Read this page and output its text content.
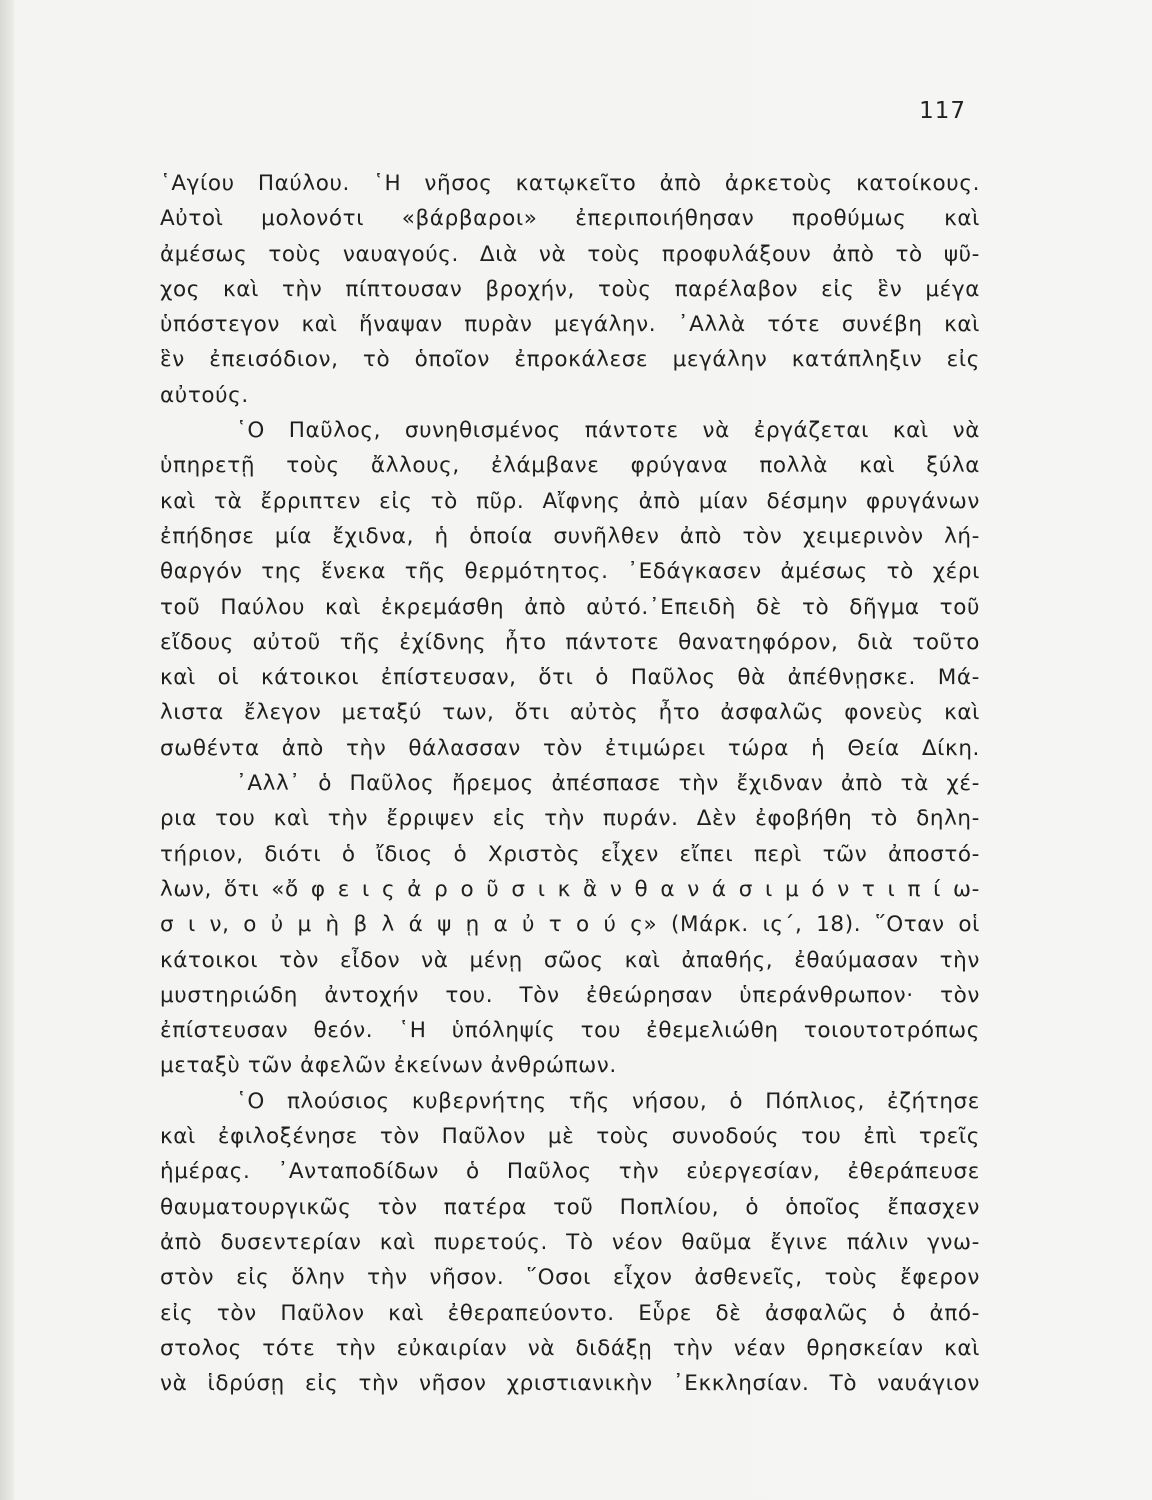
117
῾Αγίου Παύλου. ῾Η νῆσος κατῳκεῖτο ἀπὸ ἀρκετοὺς κατοίκους.
Αὐτοὶ μολονότι «βάρβαροι» ἐπεριποιήθησαν προθύμως καὶ
ἀμέσως τοὺς ναυαγούς. Διὰ νὰ τοὺς προφυλάξουν ἀπὸ τὸ ψῦ-
χος καὶ τὴν πίπτουσαν βροχήν, τοὺς παρέλαβον εἰς ἓν μέγα
ὑπόστεγον καὶ ἥναψαν πυρὰν μεγάλην. ᾿Αλλὰ τότε συνέβη καὶ
ἓν ἐπεισόδιον, τὸ ὁποῖον ἐπροκάλεσε μεγάλην κατάπληξιν εἰς
αὐτούς.
῾Ο Παῦλος, συνηθισμένος πάντοτε νὰ ἐργάζεται καὶ νὰ
ὑπηρετῇ τοὺς ἄλλους, ἐλάμβανε φρύγανα πολλὰ καὶ ξύλα
καὶ τὰ ἔρριπτεν εἰς τὸ πῦρ. Αἴφνης ἀπὸ μίαν δέσμην φρυγάνων
ἐπήδησε μία ἔχιδνα, ἡ ὁποία συνῆλθεν ἀπὸ τὸν χειμερινὸν λή-
θαργόν της ἕνεκα τῆς θερμότητος. ᾿Εδάγκασεν ἀμέσως τὸ χέρι
τοῦ Παύλου καὶ ἐκρεμάσθη ἀπὸ αὐτό.᾿Επειδὴ δὲ τὸ δῆγμα τοῦ
εἴδους αὐτοῦ τῆς ἐχίδνης ἦτο πάντοτε θανατηφόρον, διὰ τοῦτο
καὶ οἱ κάτοικοι ἐπίστευσαν, ὅτι ὁ Παῦλος θὰ ἀπέθνῃσκε. Μά-
λιστα ἔλεγον μεταξύ των, ὅτι αὐτὸς ἦτο ἀσφαλῶς φονεὺς καὶ
σωθέντα ἀπὸ τὴν θάλασσαν τὸν ἐτιμώρει τώρα ἡ Θεία Δίκη.
᾿Αλλ᾿ ὁ Παῦλος ἤρεμος ἀπέσπασε τὴν ἔχιδναν ἀπὸ τὰ χέ-
ρια του καὶ τὴν ἔρριψεν εἰς τὴν πυράν. Δὲν ἐφοβήθη τὸ δηλη-
τήριον, διότι ὁ ἴδιος ὁ Χριστὸς εἶχεν εἴπει περὶ τῶν ἀποστό-
λων, ὅτι «ὄ φ ε ι ς ἀ ρ ο ῦ σ ι κ ἂ ν θ α ν ά σ ι μ ό ν τ ι π ί ω-
σ ι ν, ο ὐ μ ὴ β λ ά ψ ῃ α ὐ τ ο ύ ς» (Μάρκ. ις΄, 18). ῞Οταν οἱ
κάτοικοι τὸν εἶδον νὰ μένῃ σῶος καὶ ἀπαθής, ἐθαύμασαν τὴν
μυστηριώδη ἀντοχήν του. Τὸν ἐθεώρησαν ὑπεράνθρωπον· τὸν
ἐπίστευσαν θεόν. ῾Η ὑπόληψίς του ἐθεμελιώθη τοιουτοτρόπως
μεταξὺ τῶν ἀφελῶν ἐκείνων ἀνθρώπων.
῾Ο πλούσιος κυβερνήτης τῆς νήσου, ὁ Πόπλιος, ἐζήτησε
καὶ ἐφιλοξένησε τὸν Παῦλον μὲ τοὺς συνοδούς του ἐπὶ τρεῖς
ἡμέρας. ᾿Ανταποδίδων ὁ Παῦλος τὴν εὐεργεσίαν, ἐθεράπευσε
θαυματουργικῶς τὸν πατέρα τοῦ Ποπλίου, ὁ ὁποῖος ἔπασχεν
ἀπὸ δυσεντερίαν καὶ πυρετούς. Τὸ νέον θαῦμα ἔγινε πάλιν γνω-
στὸν εἰς ὅλην τὴν νῆσον. ῞Οσοι εἶχον ἀσθενεῖς, τοὺς ἔφερον
εἰς τὸν Παῦλον καὶ ἐθεραπεύοντο. Εὗρε δὲ ἀσφαλῶς ὁ ἀπό-
στολος τότε τὴν εὐκαιρίαν νὰ διδάξῃ τὴν νέαν θρησκείαν καὶ
νὰ ἱδρύσῃ εἰς τὴν νῆσον χριστιανικὴν ᾿Εκκλησίαν. Τὸ ναυάγιον
